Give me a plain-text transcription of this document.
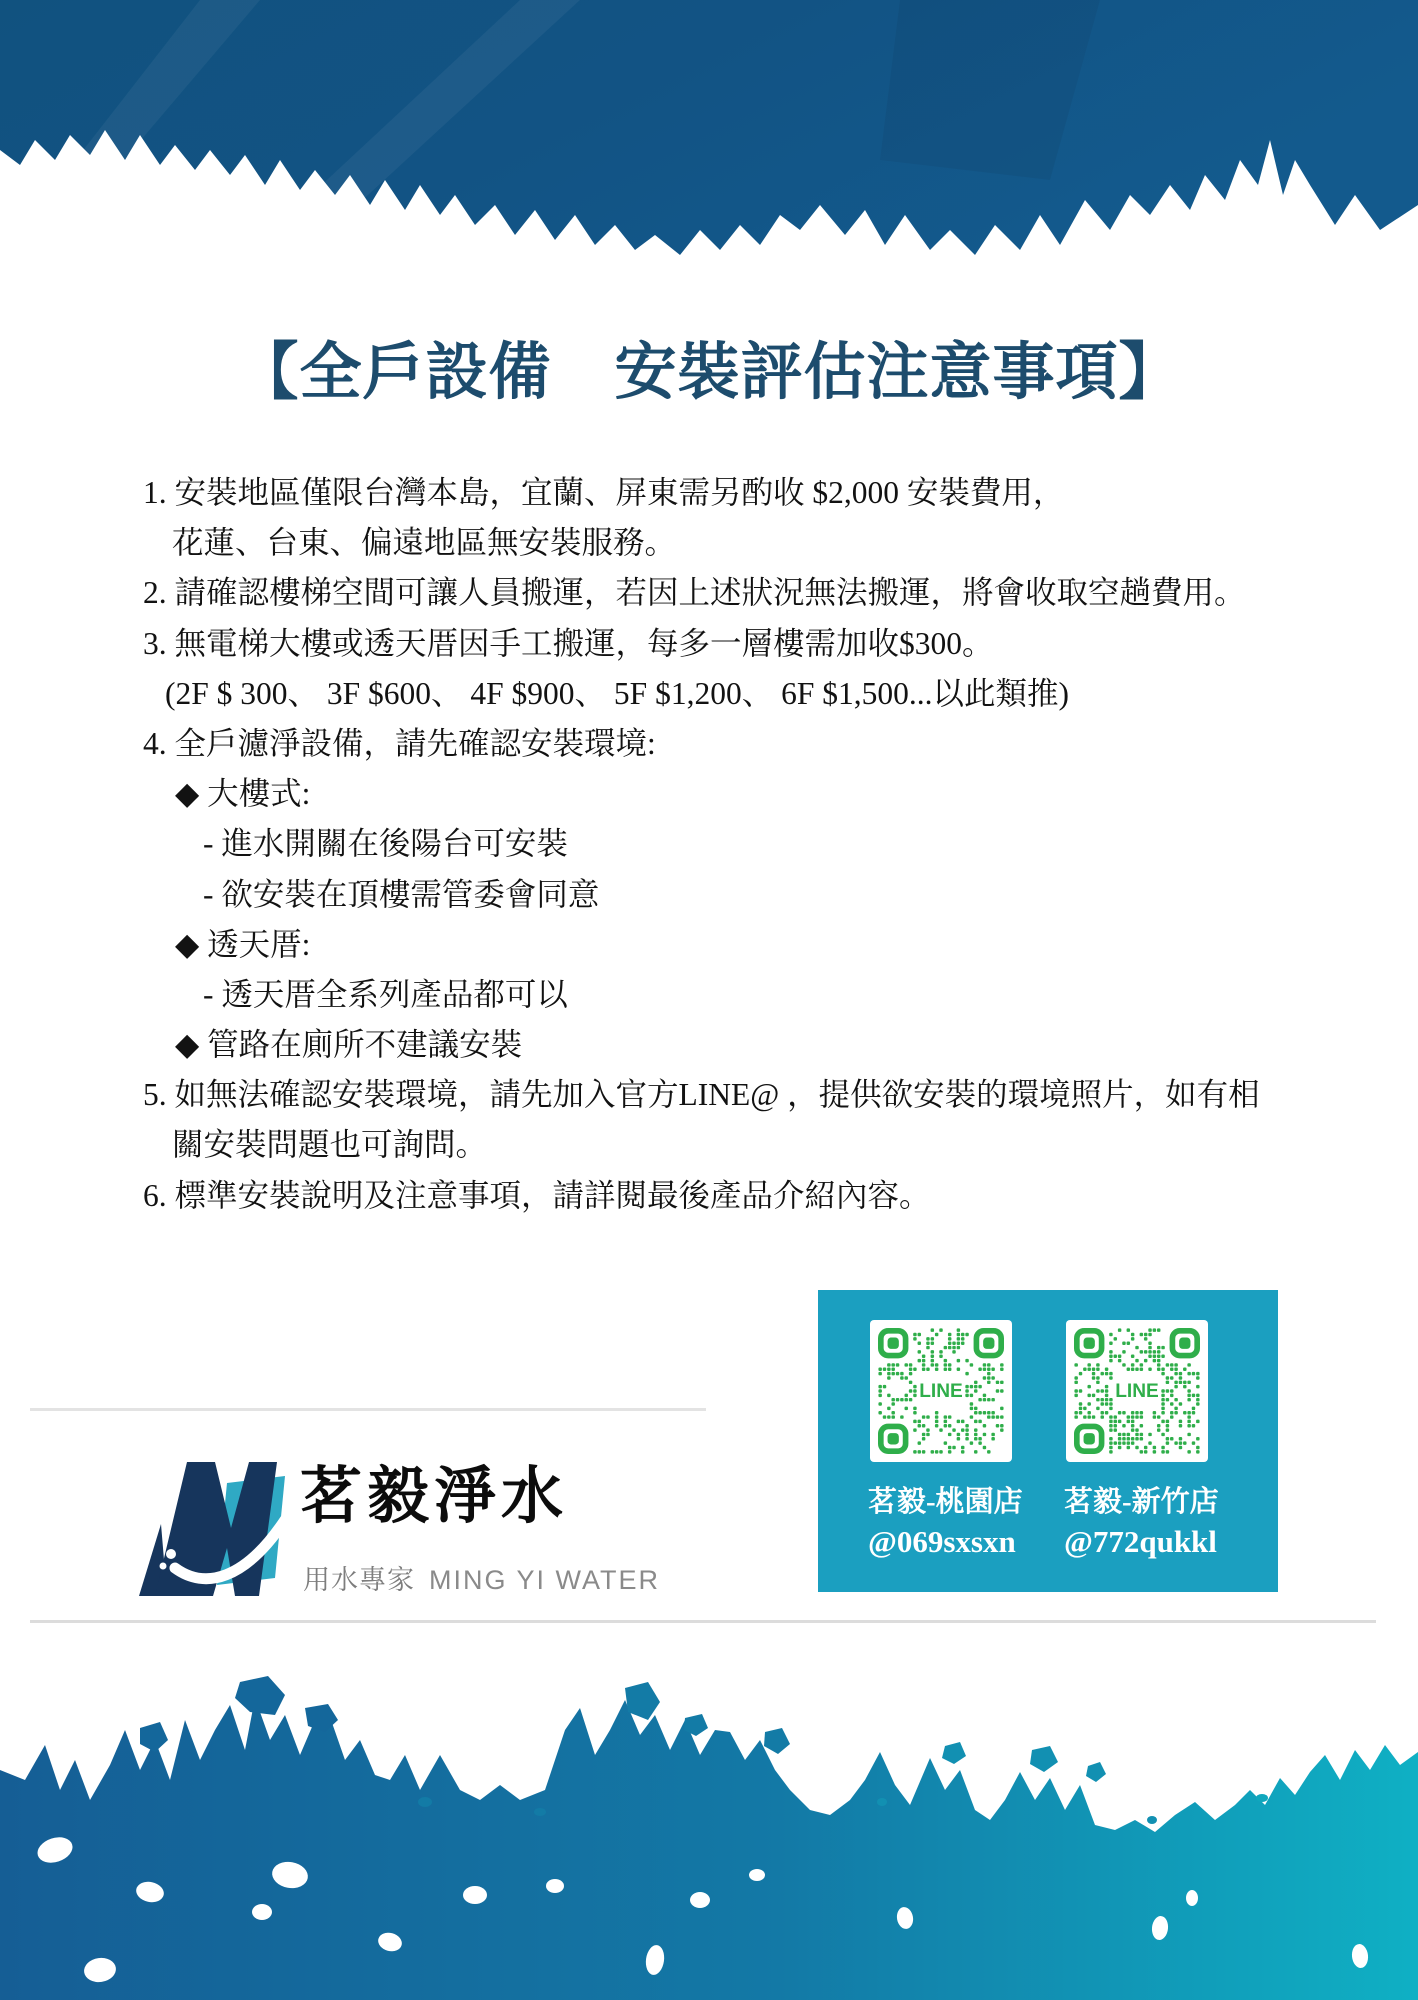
【全戶設備　安裝評估注意事項】
1. 安裝地區僅限台灣本島，宜蘭、屏東需另酌收 $2,000 安裝費用，
花蓮、台東、偏遠地區無安裝服務。
2. 請確認樓梯空間可讓人員搬運，若因上述狀況無法搬運，將會收取空趟費用。
3. 無電梯大樓或透天厝因手工搬運，每多一層樓需加收$300。
(2F $ 300、 3F $600、 4F $900、 5F $1,200、 6F $1,500...以此類推)
4. 全戶濾淨設備，請先確認安裝環境:
◆ 大樓式:
- 進水開關在後陽台可安裝
- 欲安裝在頂樓需管委會同意
◆ 透天厝:
- 透天厝全系列產品都可以
◆ 管路在廁所不建議安裝
5. 如無法確認安裝環境，請先加入官方LINE@ ，提供欲安裝的環境照片，如有相
關安裝問題也可詢問。
6. 標準安裝說明及注意事項，請詳閱最後產品介紹內容。
茗毅淨水
用水專家 MING YI WATER
LINE	LINE
茗毅-桃園店
@069sxsxn
茗毅-新竹店
@772qukkl
